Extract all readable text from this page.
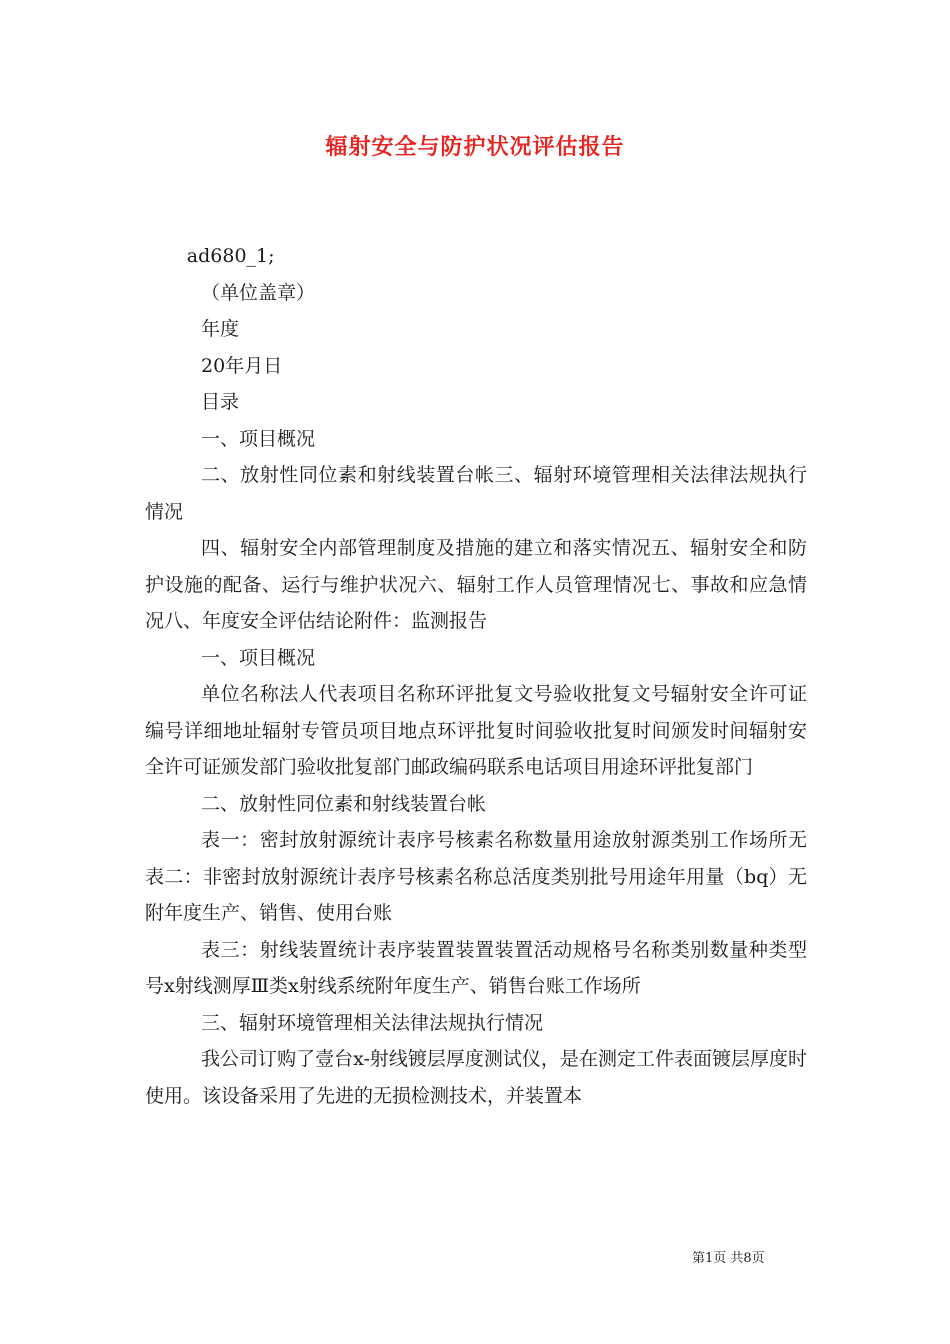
辐射安全与防护状况评估报告

ad680_1;

（单位盖章）

年度

20年月日

目录

一、项目概况

二、放射性同位素和射线装置台帐三、辐射环境管理相关法律法规执行情况

四、辐射安全内部管理制度及措施的建立和落实情况五、辐射安全和防护设施的配备、运行与维护状况六、辐射工作人员管理情况七、事故和应急情况八、年度安全评估结论附件：监测报告

一、项目概况

单位名称法人代表项目名称环评批复文号验收批复文号辐射安全许可证编号详细地址辐射专管员项目地点环评批复时间验收批复时间颁发时间辐射安全许可证颁发部门验收批复部门邮政编码联系电话项目用途环评批复部门

二、放射性同位素和射线装置台帐

表一：密封放射源统计表序号核素名称数量用途放射源类别工作场所无表二：非密封放射源统计表序号核素名称总活度类别批号用途年用量（bq）无附年度生产、销售、使用台账

表三：射线装置统计表序装置装置装置活动规格号名称类别数量种类型号x射线测厚Ⅲ类x射线系统附年度生产、销售台账工作场所

三、辐射环境管理相关法律法规执行情况

我公司订购了壹台x-射线镀层厚度测试仪，是在测定工件表面镀层厚度时使用。该设备采用了先进的无损检测技术，并装置本

第1页 共8页
